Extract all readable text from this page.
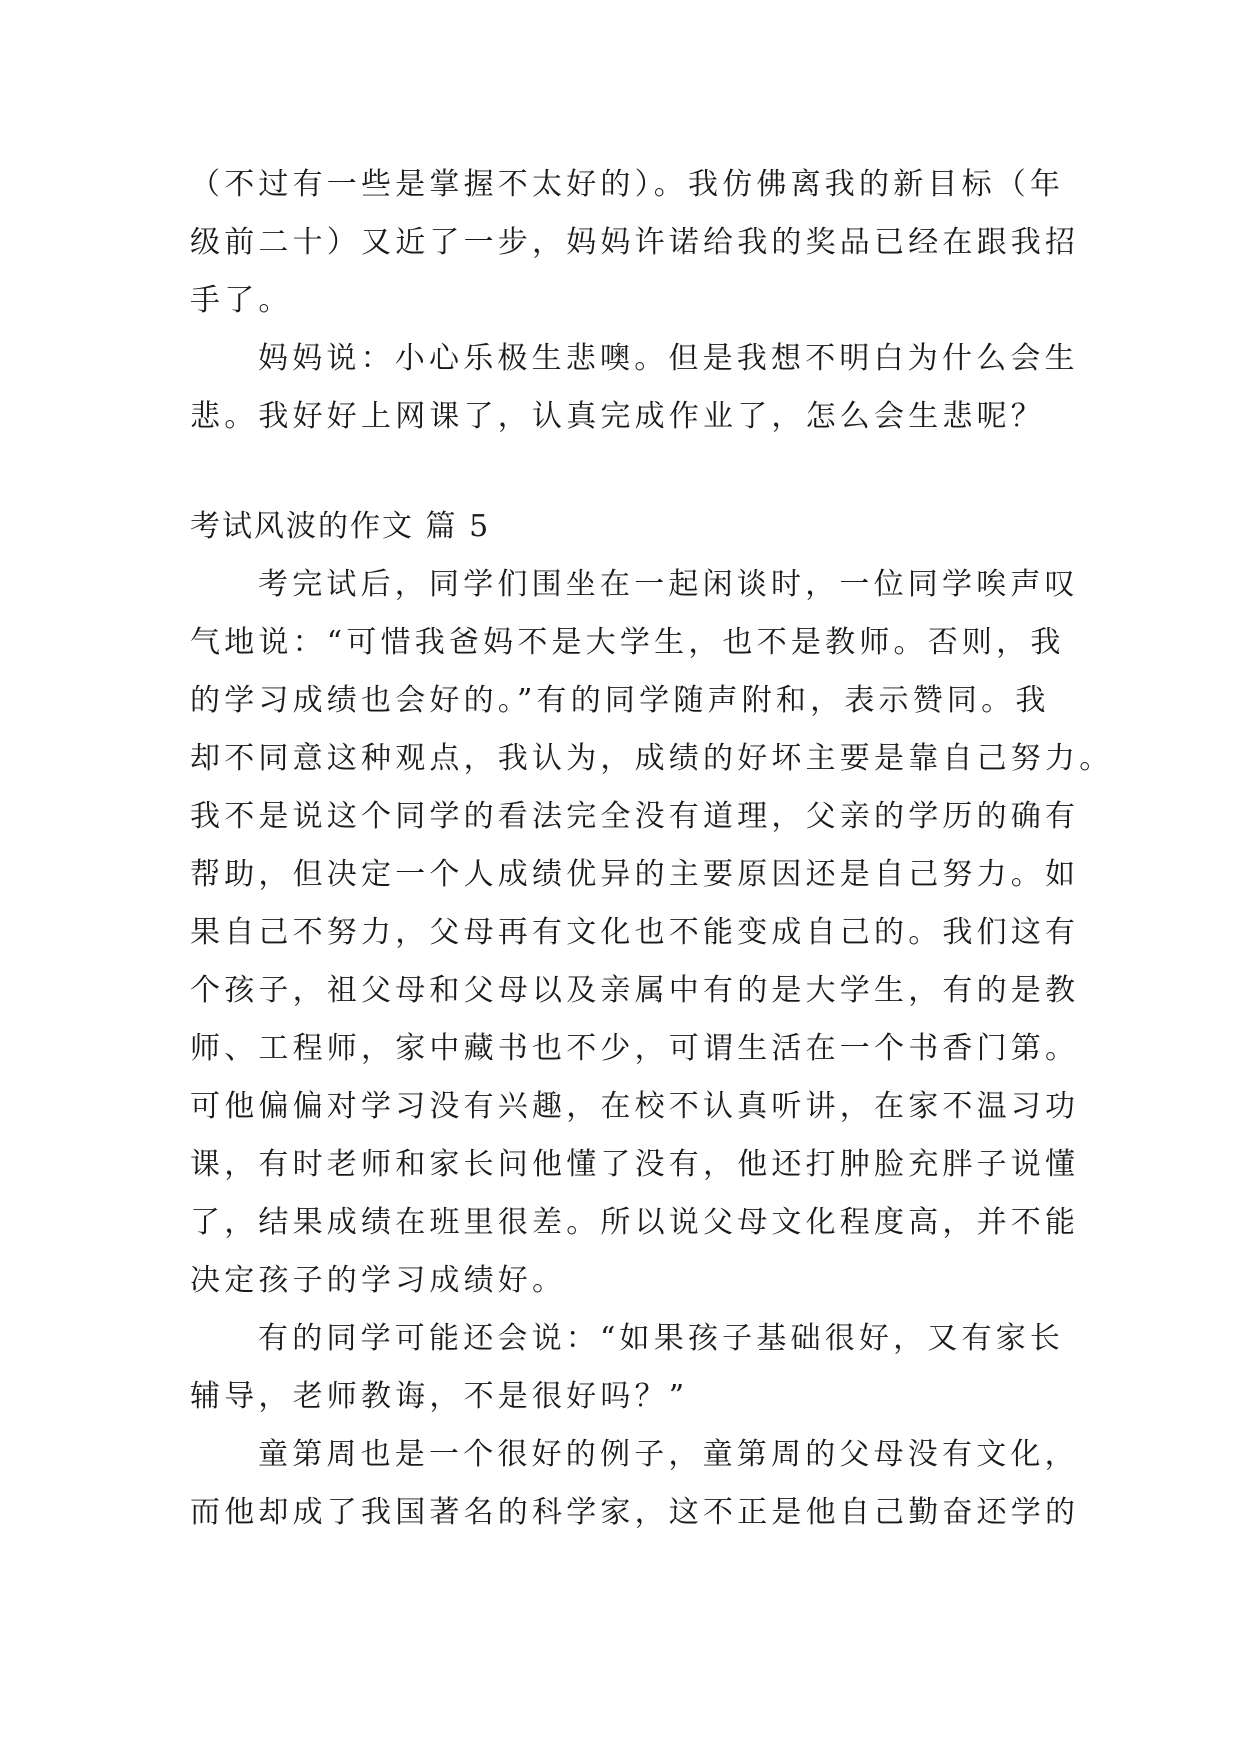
（不过有一些是掌握不太好的）。我仿佛离我的新目标（年
级前二十）又近了一步，妈妈许诺给我的奖品已经在跟我招
手了。
妈妈说：小心乐极生悲噢。但是我想不明白为什么会生
悲。我好好上网课了，认真完成作业了，怎么会生悲呢？
考试风波的作文 篇 5
考完试后，同学们围坐在一起闲谈时，一位同学唉声叹
气地说：“可惜我爸妈不是大学生，也不是教师。否则，我
的学习成绩也会好的。”有的同学随声附和，表示赞同。我
却不同意这种观点，我认为，成绩的好坏主要是靠自己努力。
我不是说这个同学的看法完全没有道理，父亲的学历的确有
帮助，但决定一个人成绩优异的主要原因还是自己努力。如
果自己不努力，父母再有文化也不能变成自己的。我们这有
个孩子，祖父母和父母以及亲属中有的是大学生，有的是教
师、工程师，家中藏书也不少，可谓生活在一个书香门第。
可他偏偏对学习没有兴趣，在校不认真听讲，在家不温习功
课，有时老师和家长问他懂了没有，他还打肿脸充胖子说懂
了，结果成绩在班里很差。所以说父母文化程度高，并不能
决定孩子的学习成绩好。
有的同学可能还会说：“如果孩子基础很好，又有家长
辅导，老师教诲，不是很好吗？”
童第周也是一个很好的例子，童第周的父母没有文化，
而他却成了我国著名的科学家，这不正是他自己勤奋还学的
